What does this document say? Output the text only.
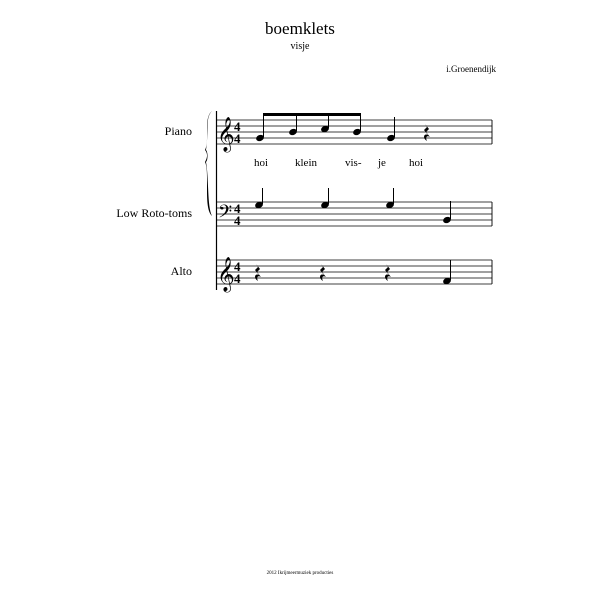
boemklets
visje
i.Groenendijk
Piano
Low Roto-toms
Alto
hoi klein	vis- je hoi
𝄞 4
4
𝄢 4
4
𝄞 4
4
2012 Ikrijmeermuziek producties
